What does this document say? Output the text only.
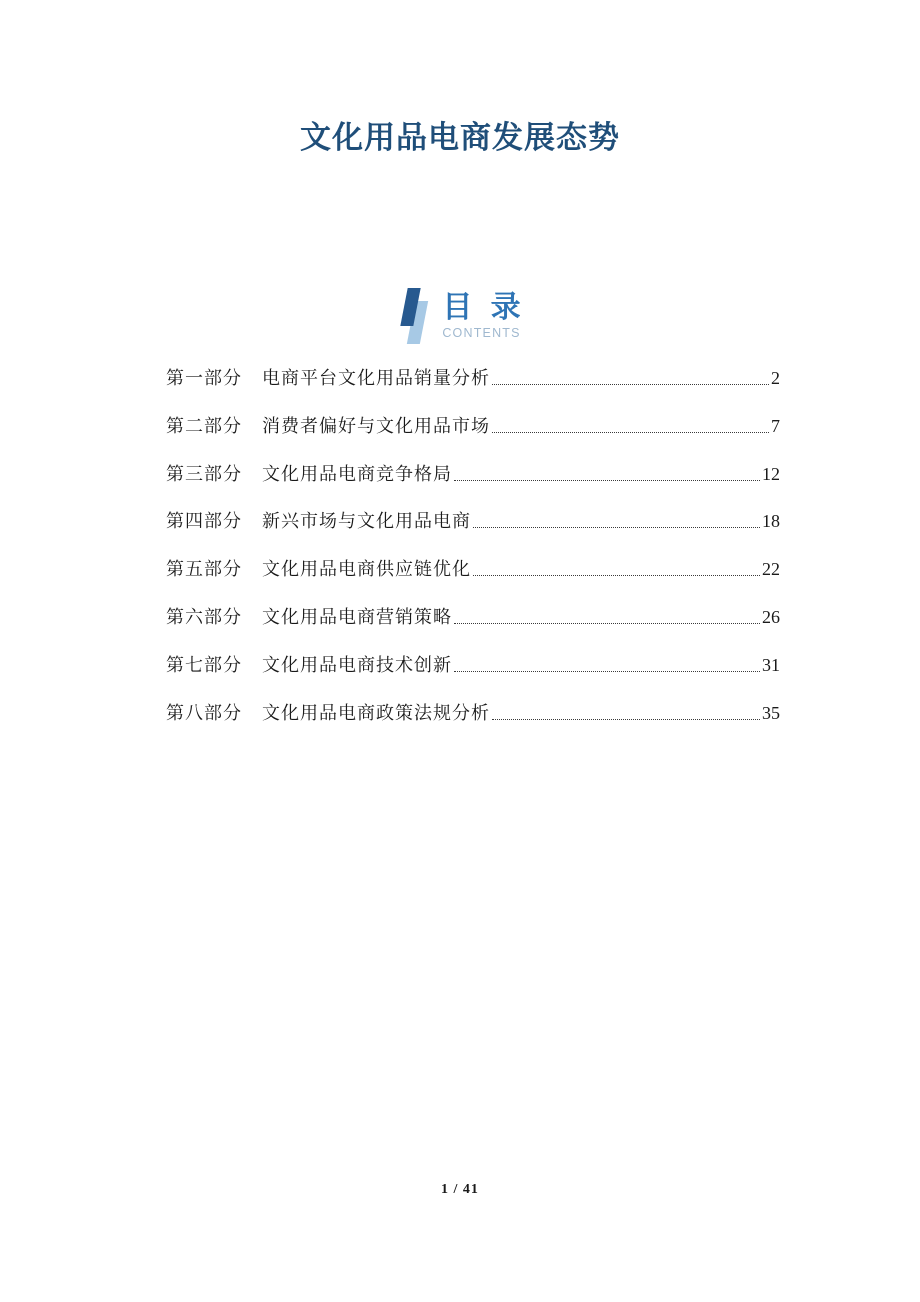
文化用品电商发展态势
目 录
CONTENTS
第一部分 电商平台文化用品销量分析	2
第二部分 消费者偏好与文化用品市场	7
第三部分 文化用品电商竞争格局	12
第四部分 新兴市场与文化用品电商	18
第五部分 文化用品电商供应链优化	22
第六部分 文化用品电商营销策略	26
第七部分 文化用品电商技术创新	31
第八部分 文化用品电商政策法规分析	35
1 / 41
